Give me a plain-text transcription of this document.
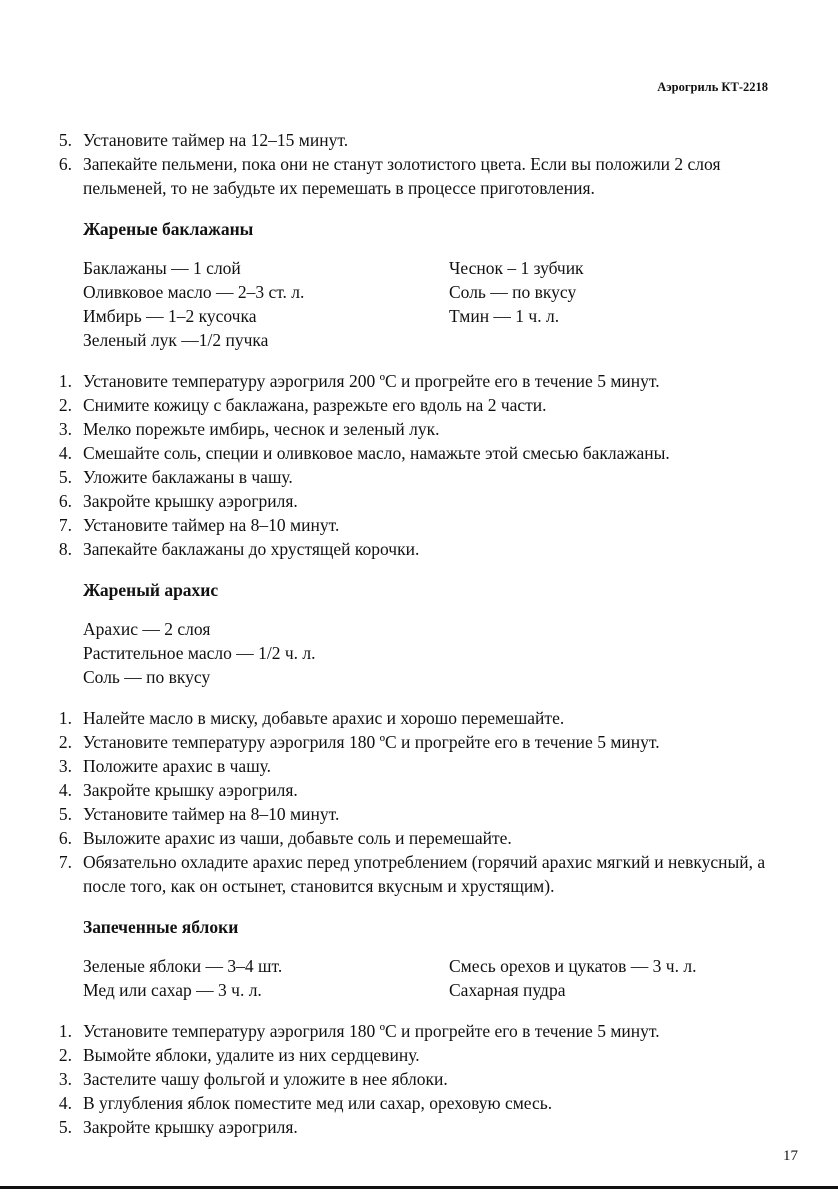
Аэрогриль КТ-2218
5. Установите таймер на 12–15 минут.
6. Запекайте пельмени, пока они не станут золотистого цвета. Если вы положили 2 слоя пельменей, то не забудьте их перемешать в процессе приготовления.
Жареные баклажаны
Баклажаны — 1 слой
Оливковое масло — 2–3 ст. л.
Имбирь — 1–2 кусочка
Зеленый лук —1/2 пучка
Чеснок – 1 зубчик
Соль — по вкусу
Тмин — 1 ч. л.
1. Установите температуру аэрогриля 200 ºС и прогрейте его в течение 5 минут.
2. Снимите кожицу с баклажана, разрежьте его вдоль на 2 части.
3. Мелко порежьте имбирь, чеснок и зеленый лук.
4. Смешайте соль, специи и оливковое масло, намажьте этой смесью баклажаны.
5. Уложите баклажаны в чашу.
6. Закройте крышку аэрогриля.
7. Установите таймер на 8–10 минут.
8. Запекайте баклажаны до хрустящей корочки.
Жареный арахис
Арахис — 2 слоя
Растительное масло — 1/2 ч. л.
Соль — по вкусу
1. Налейте масло в миску, добавьте арахис и хорошо перемешайте.
2. Установите температуру аэрогриля 180 ºС и прогрейте его в течение 5 минут.
3. Положите арахис в чашу.
4. Закройте крышку аэрогриля.
5. Установите таймер на 8–10 минут.
6. Выложите арахис из чаши, добавьте соль и перемешайте.
7. Обязательно охладите арахис перед употреблением (горячий арахис мягкий и невкусный, а после того, как он остынет, становится вкусным и хрустящим).
Запеченные яблоки
Зеленые яблоки — 3–4 шт.
Мед или сахар — 3 ч. л.
Смесь орехов и цукатов — 3 ч. л.
Сахарная пудра
1. Установите температуру аэрогриля 180 ºС и прогрейте его в течение 5 минут.
2. Вымойте яблоки, удалите из них сердцевину.
3. Застелите чашу фольгой и уложите в нее яблоки.
4. В углубления яблок поместите мед или сахар, ореховую смесь.
5. Закройте крышку аэрогриля.
17
